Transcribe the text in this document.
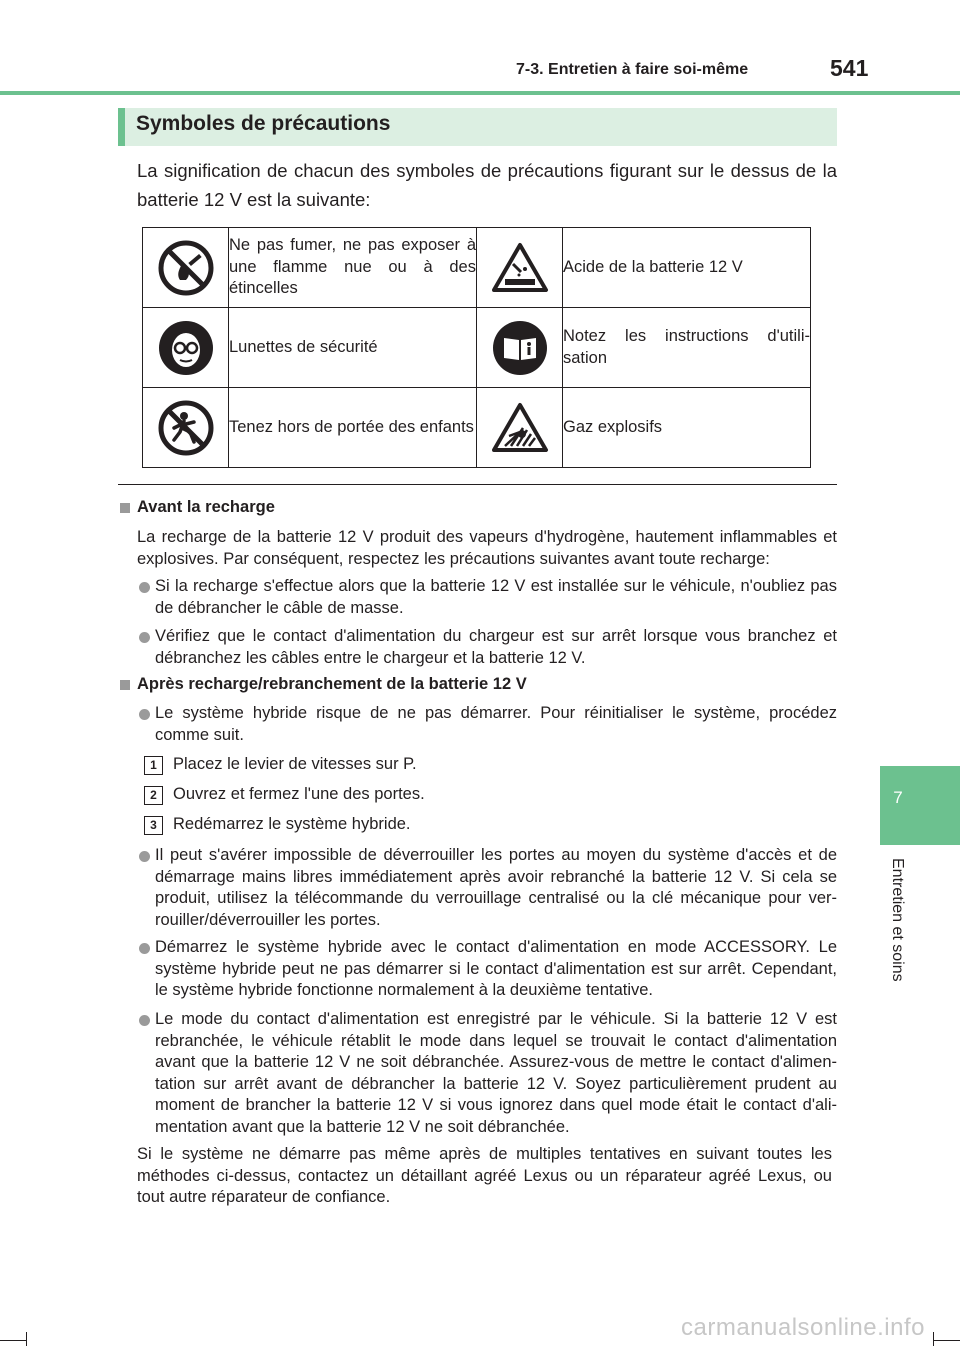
7-3. Entretien à faire soi-même	541
7
Entretien et soins
Symboles de précautions

La signification de chacun des symboles de précautions figurant sur le dessus de la batterie 12 V est la suivante:

	Ne pas fumer, ne pas exposer à une flamme nue ou à des étincelles		Acide de la batterie 12 V

	Lunettes de sécurité		Notez les instructions d'utili-sation

	Tenez hors de portée des enfants		Gaz explosifs
Avant la recharge

La recharge de la batterie 12 V produit des vapeurs d'hydrogène, hautement inflammables et explosives. Par conséquent, respectez les précautions suivantes avant toute recharge:

Si la recharge s'effectue alors que la batterie 12 V est installée sur le véhicule, n'oubliez pas de débrancher le câble de masse.

Vérifiez que le contact d'alimentation du chargeur est sur arrêt lorsque vous branchez et débranchez les câbles entre le chargeur et la batterie 12 V.

Après recharge/rebranchement de la batterie 12 V

Le système hybride risque de ne pas démarrer. Pour réinitialiser le système, procédez comme suit.

1 Placez le levier de vitesses sur P.
2 Ouvrez et fermez l'une des portes.
3 Redémarrez le système hybride.

Il peut s'avérer impossible de déverrouiller les portes au moyen du système d'accès et de démarrage mains libres immédiatement après avoir rebranché la batterie 12 V. Si cela se produit, utilisez la télécommande du verrouillage centralisé ou la clé mécanique pour ver-rouiller/déverrouiller les portes.

Démarrez le système hybride avec le contact d'alimentation en mode ACCESSORY. Le système hybride peut ne pas démarrer si le contact d'alimentation est sur arrêt. Cependant, le système hybride fonctionne normalement à la deuxième tentative.

Le mode du contact d'alimentation est enregistré par le véhicule. Si la batterie 12 V est rebranchée, le véhicule rétablit le mode dans lequel se trouvait le contact d'alimentation avant que la batterie 12 V ne soit débranchée. Assurez-vous de mettre le contact d'alimen-tation sur arrêt avant de débrancher la batterie 12 V. Soyez particulièrement prudent au moment de brancher la batterie 12 V si vous ignorez dans quel mode était le contact d'ali-mentation avant que la batterie 12 V ne soit débranchée.

Si le système ne démarre pas même après de multiples tentatives en suivant toutes les méthodes ci-dessus, contactez un détaillant agréé Lexus ou un réparateur agréé Lexus, ou tout autre réparateur de confiance.

carmanualsonline.info
